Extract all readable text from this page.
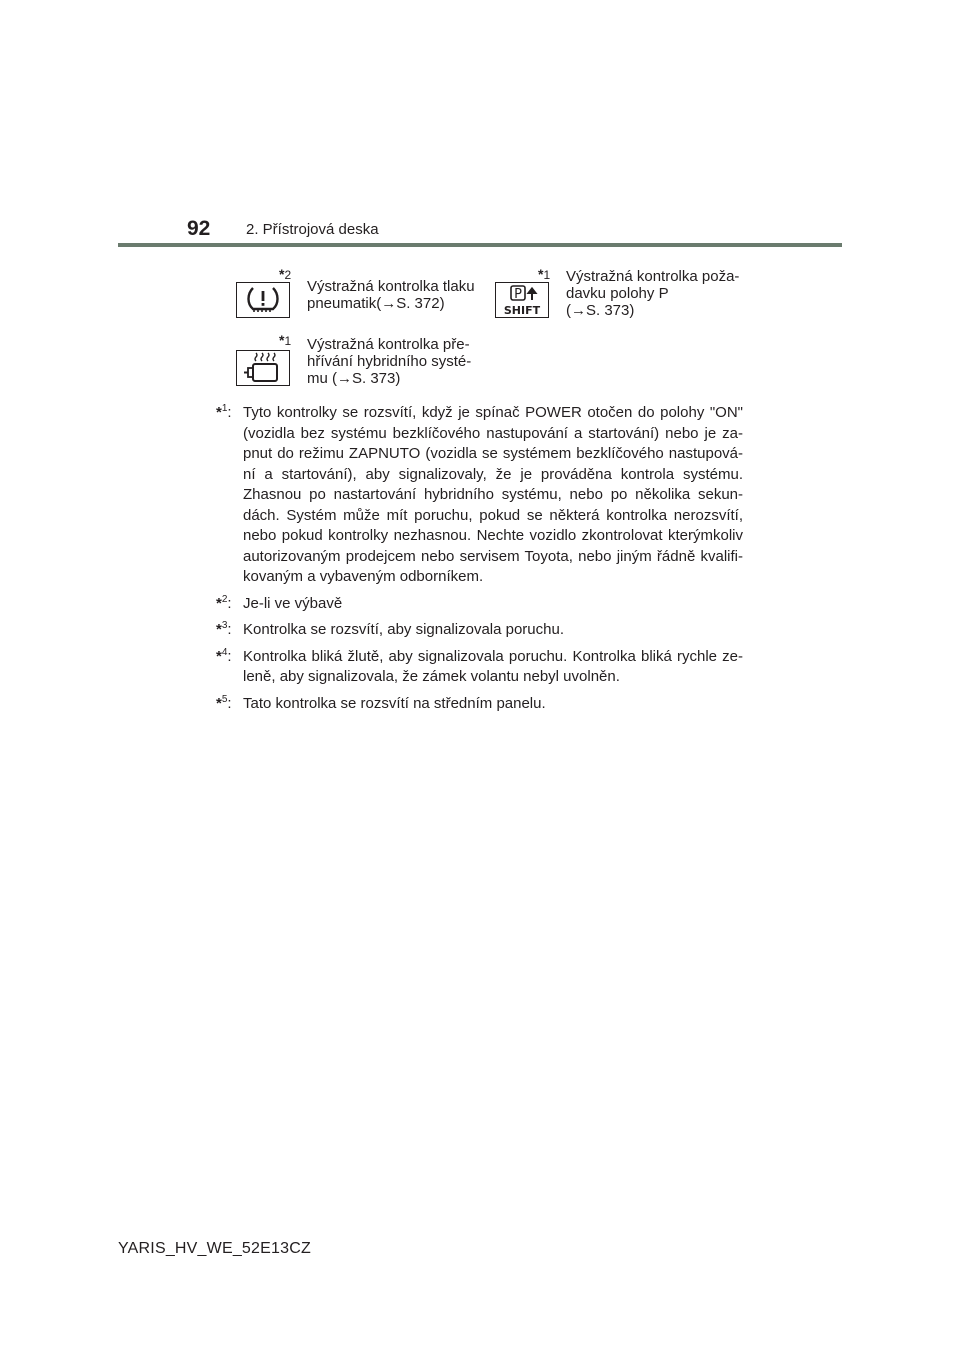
92 2. Přístrojová deska
*2
Výstražná kontrolka tlaku
pneumatik(→S. 372)
*1
P
SHIFT
Výstražná kontrolka poža-
davku polohy P
(→S. 373)
*1 Výstražná kontrolka pře-
hřívání hybridního systé-
mu (→S. 373)
*$^1$: Tyto kontrolky se rozsvítí, když je spínač POWER otočen do polohy "ON"
(vozidla bez systému bezklíčového nastupování a startování) nebo je za-
pnut do režimu ZAPNUTO (vozidla se systémem bezklíčového nastupová-
ní a startování), aby signalizovaly, že je prováděna kontrola systému.
Zhasnou po nastartování hybridního systému, nebo po několika sekun-
dách. Systém může mít poruchu, pokud se některá kontrolka nerozsvítí,
nebo pokud kontrolky nezhasnou. Nechte vozidlo zkontrolovat kterýmkoliv
autorizovaným prodejcem nebo servisem Toyota, nebo jiným řádně kvalifi-
kovaným a vybaveným odborníkem.
*$^2$: Je-li ve výbavě
*$^3$: Kontrolka se rozsvítí, aby signalizovala poruchu.
*$^4$: Kontrolka bliká žlutě, aby signalizovala poruchu. Kontrolka bliká rychle ze-
leně, aby signalizovala, že zámek volantu nebyl uvolněn.
*$^5$: Tato kontrolka se rozsvítí na středním panelu.
YARIS_HV_WE_52E13CZ
